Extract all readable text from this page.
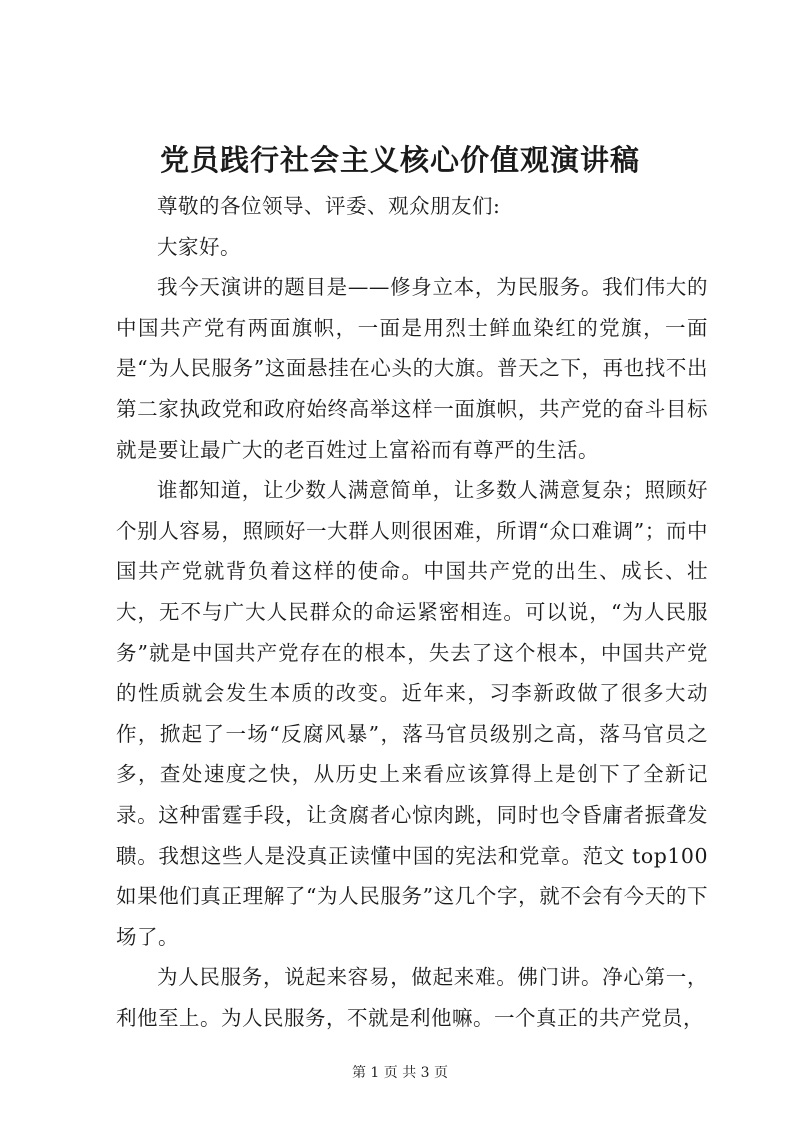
党员践行社会主义核心价值观演讲稿

尊敬的各位领导、评委、观众朋友们:

大家好。

我今天演讲的题目是——修身立本，为民服务。我们伟大的中国共产党有两面旗帜，一面是用烈士鲜血染红的党旗，一面是“为人民服务”这面悬挂在心头的大旗。普天之下，再也找不出第二家执政党和政府始终高举这样一面旗帜，共产党的奋斗目标就是要让最广大的老百姓过上富裕而有尊严的生活。

谁都知道，让少数人满意简单，让多数人满意复杂；照顾好个别人容易，照顾好一大群人则很困难，所谓“众口难调”；而中国共产党就背负着这样的使命。中国共产党的出生、成长、壮大，无不与广大人民群众的命运紧密相连。可以说，“为人民服务”就是中国共产党存在的根本，失去了这个根本，中国共产党的性质就会发生本质的改变。近年来，习李新政做了很多大动作，掀起了一场“反腐风暴”，落马官员级别之高，落马官员之多，查处速度之快，从历史上来看应该算得上是创下了全新记录。这种雷霆手段，让贪腐者心惊肉跳，同时也令昏庸者振聋发聩。我想这些人是没真正读懂中国的宪法和党章。范文 top100 如果他们真正理解了“为人民服务”这几个字，就不会有今天的下场了。

为人民服务，说起来容易，做起来难。佛门讲。净心第一，利他至上。为人民服务，不就是利他嘛。一个真正的共产党员，

第 1 页 共 3 页
